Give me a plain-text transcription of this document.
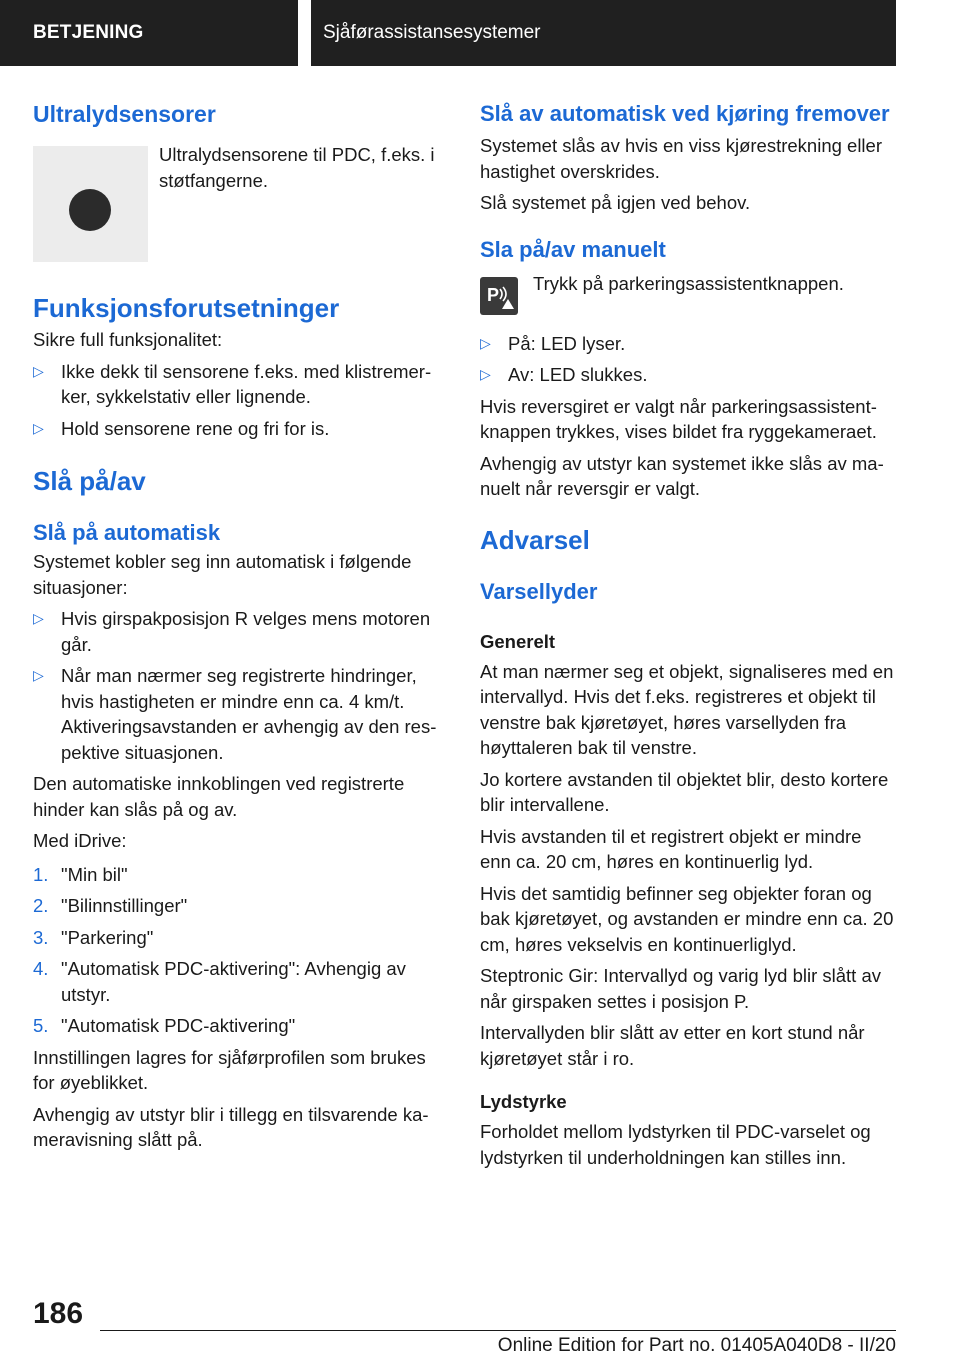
BETJENING	Sjåførassistansesystemer
Ultralydsensorer

Ultralydsensorene til PDC, f.eks. i støtfangerne.

Funksjonsforutsetninger

Sikre full funksjonalitet:

▷ Ikke dekk til sensorene f.eks. med klistremerker, sykkelstativ eller lignende.
▷ Hold sensorene rene og fri for is.
Slå på/av
Slå på automatisk

Systemet kobler seg inn automatisk i følgende situasjoner:

▷ Hvis girspakposisjon R velges mens motoren går.
▷ Når man nærmer seg registrerte hindringer, hvis hastigheten er mindre enn ca. 4 km/t. Aktiveringsavstanden er avhengig av den respektive situasjonen.

Den automatiske innkoblingen ved registrerte hinder kan slås på og av.

Med iDrive:

1. "Min bil"
2. "Bilinnstillinger"
3. "Parkering"
4. "Automatisk PDC-aktivering": Avhengig av utstyr.
5. "Automatisk PDC-aktivering"

Innstillingen lagres for sjåførprofilen som brukes for øyeblikket.

Avhengig av utstyr blir i tillegg en tilsvarende kameravisning slått på.

Slå av automatisk ved kjøring fremover

Systemet slås av hvis en viss kjørestrekning eller hastighet overskrides.

Slå systemet på igjen ved behov.

Sla på/av manuelt
P

Trykk på parkeringsassistentknappen.

▷ På: LED lyser.
▷ Av: LED slukkes.

Hvis reversgiret er valgt når parkeringsassistentknappen trykkes, vises bildet fra ryggekameraet.

Avhengig av utstyr kan systemet ikke slås av manuelt når reversgir er valgt.

Advarsel
Varsellyder
Generelt

At man nærmer seg et objekt, signaliseres med en intervallyd. Hvis det f.eks. registreres et objekt til venstre bak kjøretøyet, høres varsellyden fra høyttaleren bak til venstre.

Jo kortere avstanden til objektet blir, desto kortere blir intervallene.

Hvis avstanden til et registrert objekt er mindre enn ca. 20 cm, høres en kontinuerlig lyd.

Hvis det samtidig befinner seg objekter foran og bak kjøretøyet, og avstanden er mindre enn ca. 20 cm, høres vekselvis en kontinuerliglyd.

Steptronic Gir: Intervallyd og varig lyd blir slått av når girspaken settes i posisjon P.

Intervallyden blir slått av etter en kort stund når kjøretøyet står i ro.

Lydstyrke

Forholdet mellom lydstyrken til PDC-varselet og lydstyrken til underholdningen kan stilles inn.

186
Online Edition for Part no. 01405A040D8 - II/20
